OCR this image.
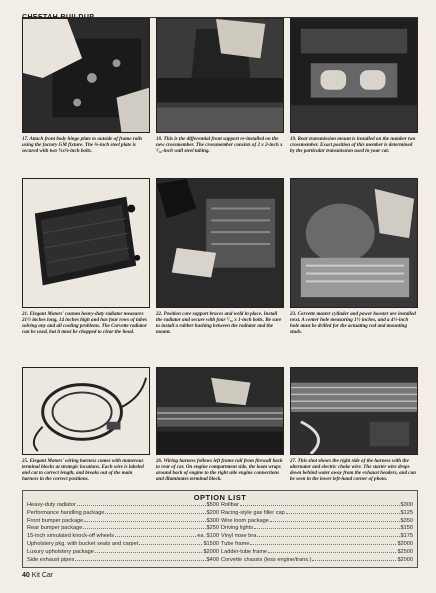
17. Attach front body hinge plate to outside of frame rails using the factory GM fixture. The ⅜-inch steel plate is secured with two ¾x⅝-inch bolts.
18. This is the differential front support re-installed on the new crossmember. The crossmember consists of 2 x 2-inch x ³⁄₁₆-inch wall steel tubing.
19. Rear transmission mount is installed on the number two crossmember. Exact position of this member is determined by the particular transmission used in your car.
21. Elegant Motors' custom heavy-duty radiator measures 21½ inches long, 14 inches high and has four rows of tubes solving any and all cooling problems. The Corvette radiator can be used, but it must be chopped to clear the hood.
22. Position core support braces and weld in place. Install the radiator and secure with four ⁵⁄₁₆ x 1-inch bolts. Be sure to install a rubber bushing between the radiator and the mount.
23. Corvette master cylinder and power booster are installed next. A center hole measuring 1½ inches, and a 4½-inch hole must be drilled for the actuating rod and mounting studs.
25. Elegant Motors' wiring harness comes with numerous terminal blocks at strategic locations. Each wire is labeled and cut to correct length, and breaks out of the main harness in the correct positions.
26. Wiring harness follows left frame rail from firewall back to rear of car. On engine compartment side, the loom wraps around back of engine to the right side engine connections and illuminates terminal block.
27. This shot shows the right side of the harness with the alternator and electric choke wire. The starter wire drops down behind water away from the exhaust headers, and can be seen in the lower left-hand corner of photo.
OPTION LIST
Heavy-duty radiator	$500
Performance handling package	$200
Front bumper package	$300
Rear bumper package	$250
15-inch simulated knock-off wheels	ea. $100
Upholstery pkg. with bucket seats and carpet	$1500
Luxury upholstery package	$2000
Side exhaust pipes	$400
Rollbar	$300
Racing-style gas filler cap	$125
Wire loom package	$350
Driving lights	$150
Vinyl nose bra	$175
Tube frame	$2000
Ladder-tube frame	$2500
Corvette chassis (less engine/trans.)	$2000
40 Kit Car
